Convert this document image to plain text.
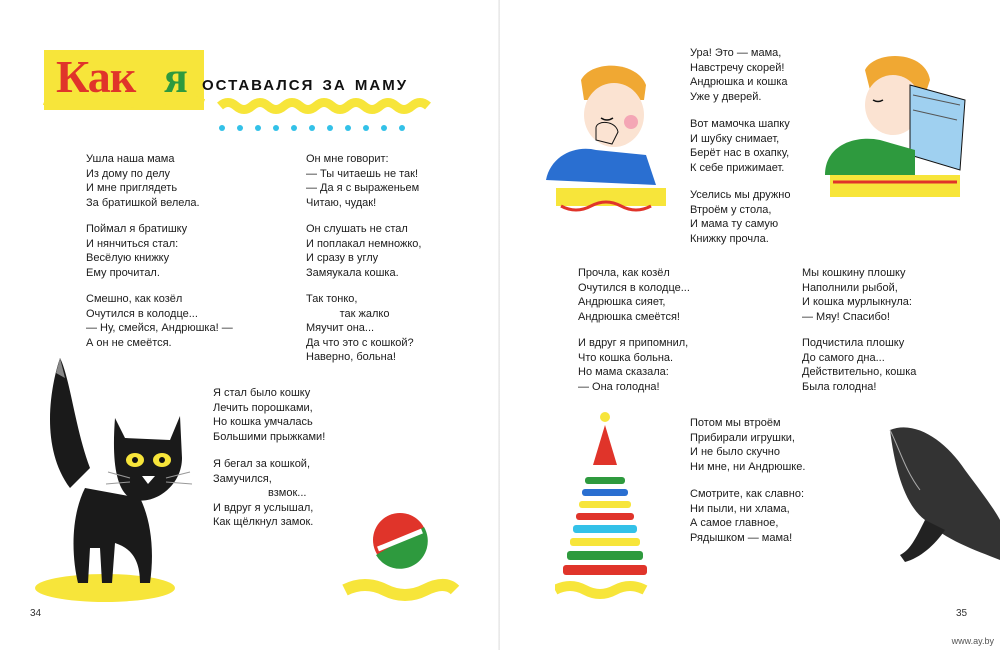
Как я оставался за маму
Ушла наша мама
Из дому по делу
И мне приглядеть
За братишкой велела.
Поймал я братишку
И нянчиться стал:
Весёлую книжку
Ему прочитал.
Смешно, как козёл
Очутился в колодце...
— Ну, смейся, Андрюшка! —
А он не смеётся.
Он мне говорит:
— Ты читаешь не так!
— Да я с выраженьем
Читаю, чудак!
Он слушать не стал
И поплакал немножко,
И сразу в углу
Замяукала кошка.
Так тонко,
так жалко
Мяучит она...
Да что это с кошкой?
Наверно, больна!
Я стал было кошку
Лечить порошками,
Но кошка умчалась
Большими прыжками!
Я бегал за кошкой,
Замучился,
взмок...
И вдруг я услышал,
Как щёлкнул замок.
34
Ура! Это — мама,
Навстречу скорей!
Андрюшка и кошка
Уже у дверей.
Вот мамочка шапку
И шубку снимает,
Берёт нас в охапку,
К себе прижимает.
Уселись мы дружно
Втроём у стола,
И мама ту самую
Книжку прочла.
Прочла, как козёл
Очутился в колодце...
Андрюшка сияет,
Андрюшка смеётся!
И вдруг я припомнил,
Что кошка больна.
Но мама сказала:
— Она голодна!
Мы кошкину плошку
Наполнили рыбой,
И кошка мурлыкнула:
— Мяу! Спасибо!
Подчистила плошку
До самого дна...
Действительно, кошка
Была голодна!
Потом мы втроём
Прибирали игрушки,
И не было скучно
Ни мне, ни Андрюшке.
Смотрите, как славно:
Ни пыли, ни хлама,
А самое главное,
Рядышком — мама!
35
www.ay.by
